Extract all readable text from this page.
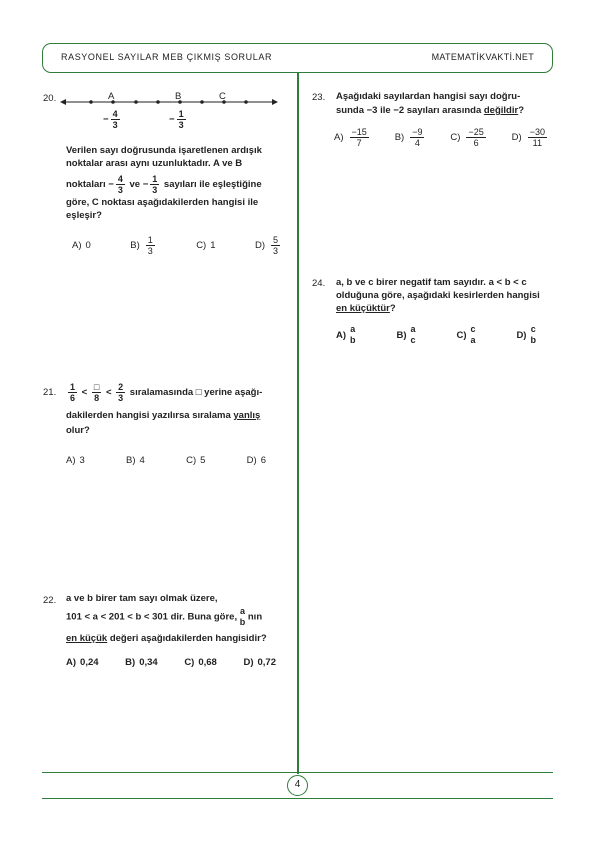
RASYONEL SAYILAR MEB ÇIKMIŞ SORULAR	MATEMATİKVAKTİ.NET
4
20.	A	B	C
− $\frac{4}{3}$	− $\frac{1}{3}$
Verilen sayı doğrusunda işaretlenen ardışık noktalar arası aynı uzunluktadır. A ve B
noktaları − $\frac{4}{3}$ ve − $\frac{1}{3}$ sayıları ile eşleştiğine
göre, C noktası aşağıdakilerden hangisi ile eşleşir?
A) 0	$B) \frac{1}{3}$	C) 1	$D) \frac{5}{3}$
21. $\frac{1}{6} < \frac{□}{8} < \frac{2}{3}$ sıralamasında □ yerine aşağı-
dakilerden hangisi yazılırsa sıralama yanlış
olur?
A) 3	B) 4	C) 5	D) 6
22. a ve b birer tam sayı olmak üzere,
101 < a < 201 < b < 301 dir. Buna göre,
a
b nın
en küçük değeri aşağıdakilerden hangisidir?
A) 0,24	B) 0,34	C) 0,68	D) 0,72
23. Aşağıdaki sayılardan hangisi sayı doğru-
sunda −3 ile −2 sayıları arasında değildir?
$A) \frac{-15}{7}$	$B) \frac{-9}{4}$	$C) \frac{-25}{6}$	$D) \frac{-30}{11}$
24. a, b ve c birer negatif tam sayıdır. a < b < c
olduğuna göre, aşağıdaki kesirlerden hangisi
en küçüktür?
A)
a
b	B)
a
c	C)
c
a	D)
c
b
